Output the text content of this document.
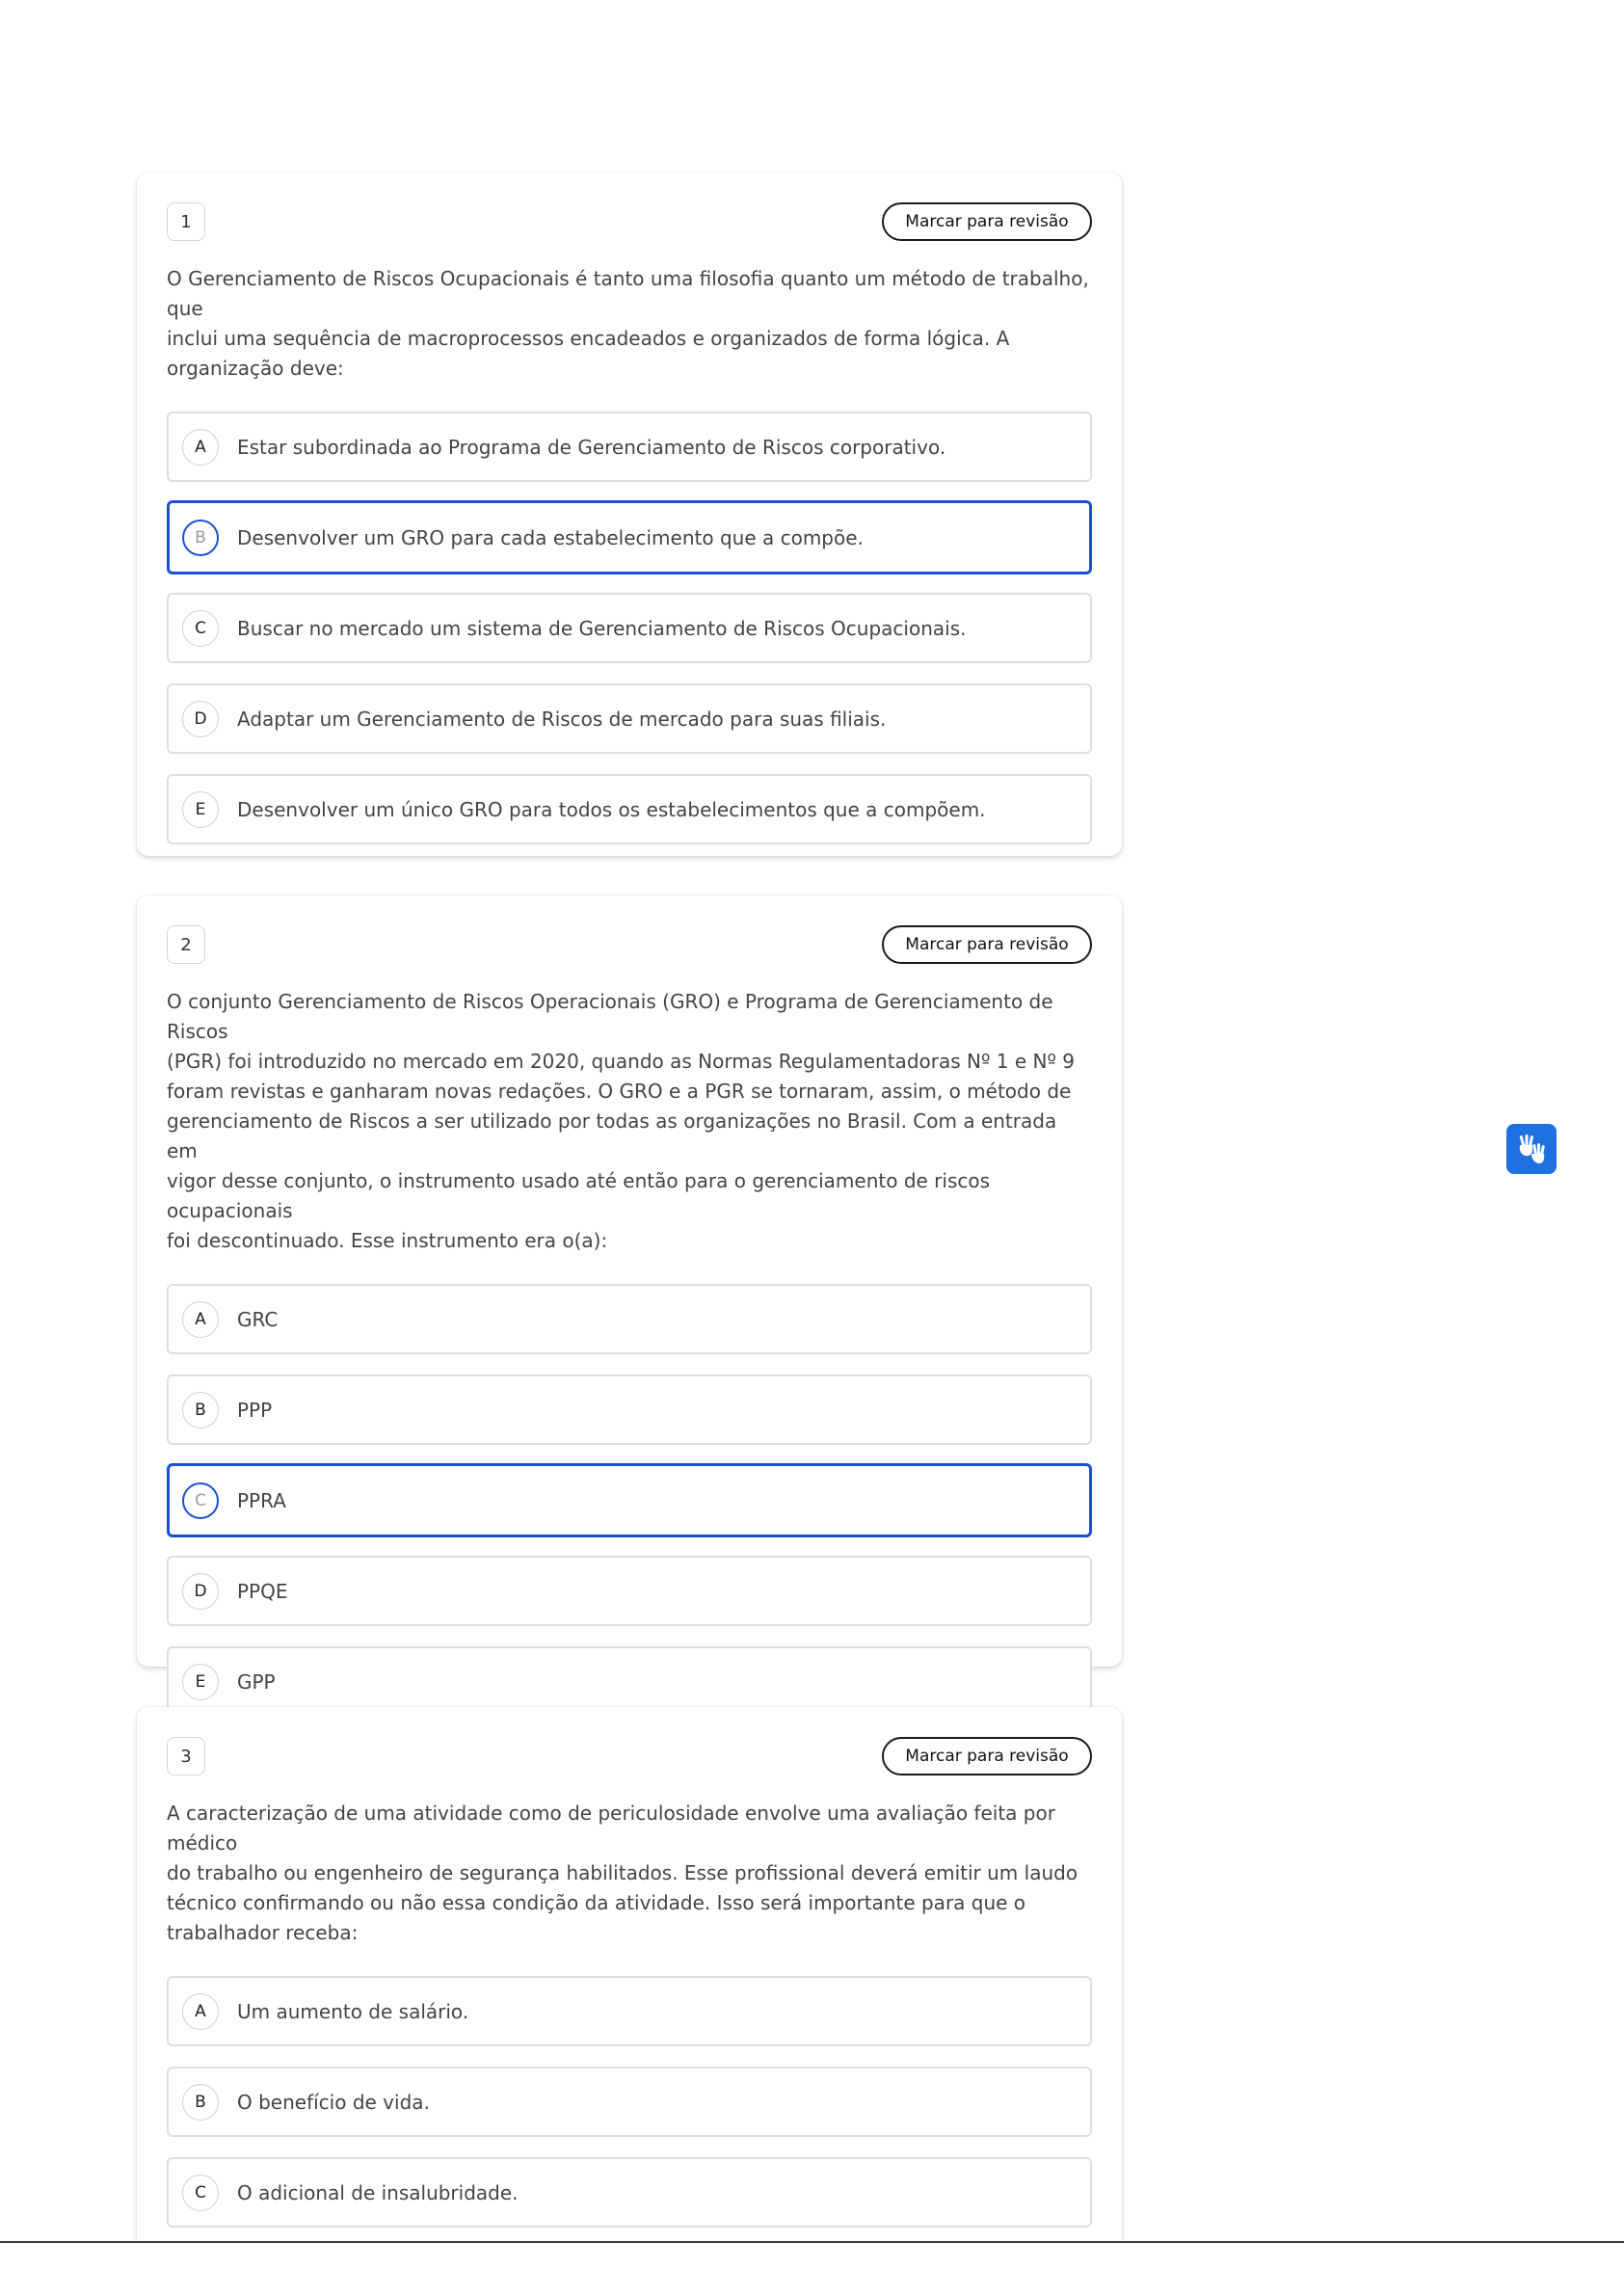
1	Marcar para revisão
O Gerenciamento de Riscos Ocupacionais é tanto uma filosofia quanto um método de trabalho, que
inclui uma sequência de macroprocessos encadeados e organizados de forma lógica. A
organização deve:
A	Estar subordinada ao Programa de Gerenciamento de Riscos corporativo.
B	Desenvolver um GRO para cada estabelecimento que a compõe.
C	Buscar no mercado um sistema de Gerenciamento de Riscos Ocupacionais.
D	Adaptar um Gerenciamento de Riscos de mercado para suas filiais.
E	Desenvolver um único GRO para todos os estabelecimentos que a compõem.
2	Marcar para revisão
O conjunto Gerenciamento de Riscos Operacionais (GRO) e Programa de Gerenciamento de Riscos
(PGR) foi introduzido no mercado em 2020, quando as Normas Regulamentadoras Nº 1 e Nº 9
foram revistas e ganharam novas redações. O GRO e a PGR se tornaram, assim, o método de
gerenciamento de Riscos a ser utilizado por todas as organizações no Brasil. Com a entrada em
vigor desse conjunto, o instrumento usado até então para o gerenciamento de riscos ocupacionais
foi descontinuado. Esse instrumento era o(a):
A	GRC
B	PPP
C	PPRA
D	PPQE
E	GPP
3	Marcar para revisão
A caracterização de uma atividade como de periculosidade envolve uma avaliação feita por médico
do trabalho ou engenheiro de segurança habilitados. Esse profissional deverá emitir um laudo
técnico confirmando ou não essa condição da atividade. Isso será importante para que o
trabalhador receba:
A	Um aumento de salário.
B	O benefício de vida.
C	O adicional de insalubridade.
